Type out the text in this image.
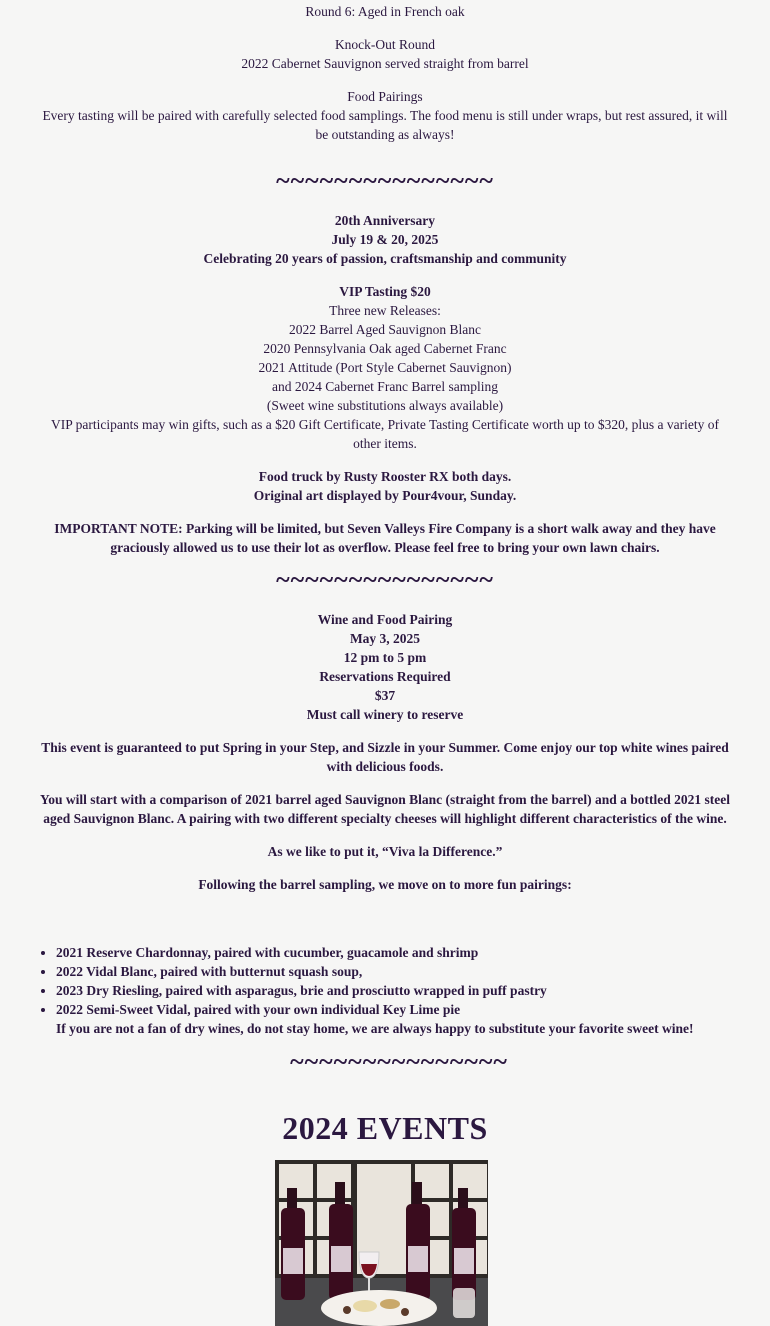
Round 6: Aged in French oak

Knock-Out Round

2022 Cabernet Sauvignon served straight from barrel

Food Pairings

Every tasting will be paired with carefully selected food samplings. The food menu is still under wraps, but rest assured, it will be outstanding as always!

~~~~~~~~~~~~~~~

20th Anniversary

July 19 & 20, 2025

Celebrating 20 years of passion, craftsmanship and community

VIP Tasting $20

Three new Releases:

2022 Barrel Aged Sauvignon Blanc

2020 Pennsylvania Oak aged Cabernet Franc

2021 Attitude (Port Style Cabernet Sauvignon)

and 2024 Cabernet Franc Barrel sampling

(Sweet wine substitutions always available)

VIP participants may win gifts, such as a $20 Gift Certificate, Private Tasting Certificate worth up to $320, plus a variety of other items.

Food truck by Rusty Rooster RX both days.

Original art displayed by Pour4vour, Sunday.

IMPORTANT NOTE: Parking will be limited, but Seven Valleys Fire Company is a short walk away and they have graciously allowed us to use their lot as overflow. Please feel free to bring your own lawn chairs.

~~~~~~~~~~~~~~~

Wine and Food Pairing

May 3, 2025

12 pm to 5 pm

Reservations Required

$37

Must call winery to reserve

This event is guaranteed to put Spring in your Step, and Sizzle in your Summer. Come enjoy our top white wines paired with delicious foods.

You will start with a comparison of 2021 barrel aged Sauvignon Blanc (straight from the barrel) and a bottled 2021 steel aged Sauvignon Blanc. A pairing with two different specialty cheeses will highlight different characteristics of the wine.

As we like to put it, “Viva la Difference.”

Following the barrel sampling, we move on to more fun pairings:

• 2021 Reserve Chardonnay, paired with cucumber, guacamole and shrimp
• 2022 Vidal Blanc, paired with butternut squash soup,
• 2023 Dry Riesling, paired with asparagus, brie and prosciutto wrapped in puff pastry
• 2022 Semi-Sweet Vidal, paired with your own individual Key Lime pie
If you are not a fan of dry wines, do not stay home, we are always happy to substitute your favorite sweet wine!
~~~~~~~~~~~~~~~
2024 EVENTS
